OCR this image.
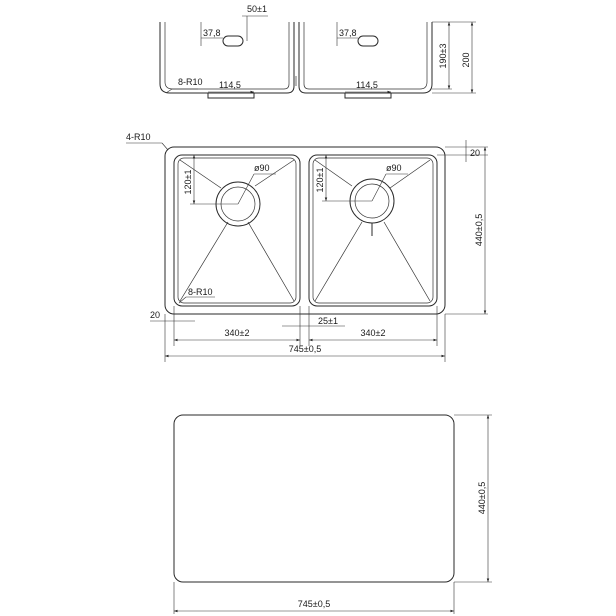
50±1
37,8	37,8
8-R10 114,5	114,5
190±3 200
ø90	ø90
120±1	120±1
4-R10
8-R10
20
440±0,5
20
25±1
340±2	340±2
745±0,5
440±0,5
745±0,5
